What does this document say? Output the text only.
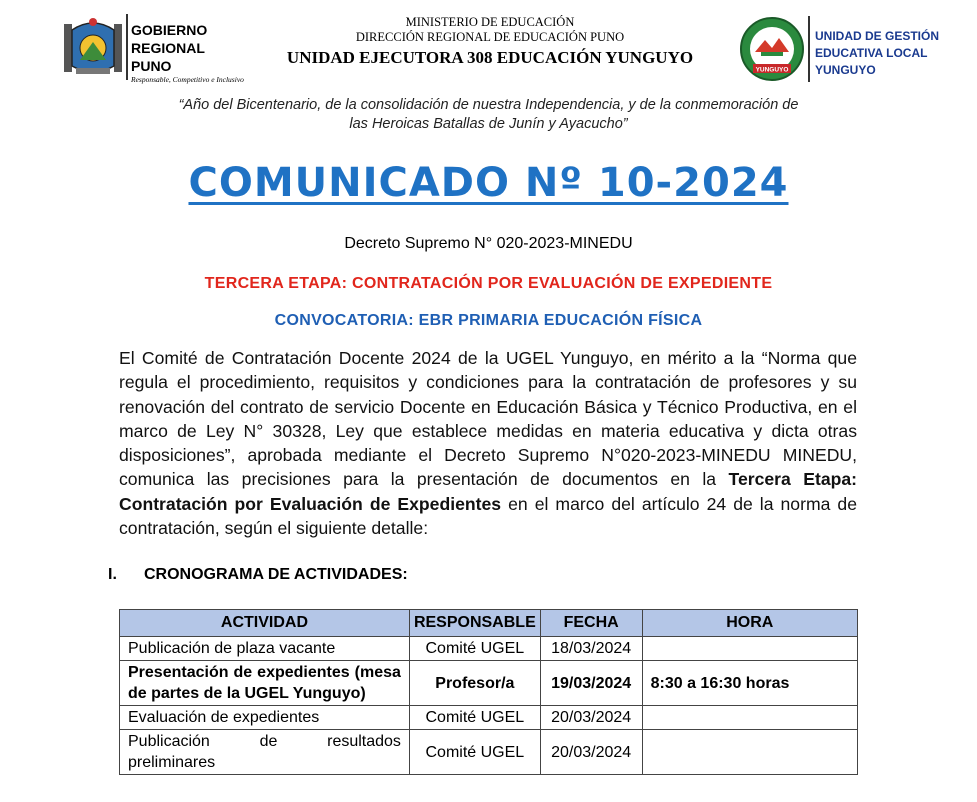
GOBIERNO
REGIONAL
PUNO
Responsable, Competitivo e Inclusivo
MINISTERIO DE EDUCACIÓN
DIRECCIÓN REGIONAL DE EDUCACIÓN PUNO
UNIDAD EJECUTORA 308 EDUCACIÓN YUNGUYO
YUNGUYO
UNIDAD DE GESTIÓN
EDUCATIVA LOCAL
YUNGUYO
“Año del Bicentenario, de la consolidación de nuestra Independencia, y de la conmemoración de
las Heroicas Batallas de Junín y Ayacucho”
COMUNICADO Nº 10-2024
Decreto Supremo N° 020-2023-MINEDU
TERCERA ETAPA: CONTRATACIÓN POR EVALUACIÓN DE EXPEDIENTE
CONVOCATORIA: EBR PRIMARIA EDUCACIÓN FÍSICA
El Comité de Contratación Docente 2024 de la UGEL Yunguyo, en mérito a la “Norma que regula el procedimiento, requisitos y condiciones para la contratación de profesores y su renovación del contrato de servicio Docente en Educación Básica y Técnico Productiva, en el marco de Ley N° 30328, Ley que establece medidas en materia educativa y dicta otras disposiciones”, aprobada mediante el Decreto Supremo N°020-2023-MINEDU MINEDU, comunica las precisiones para la presentación de documentos en la Tercera Etapa: Contratación por Evaluación de Expedientes en el marco del artículo 24 de la norma de contratación, según el siguiente detalle:
I. CRONOGRAMA DE ACTIVIDADES:
ACTIVIDAD	RESPONSABLE	FECHA	HORA
Publicación de plaza vacante	Comité UGEL	18/03/2024	
Presentación de expedientes (mesa de partes de la UGEL Yunguyo)	Profesor/a	19/03/2024	8:30 a 16:30 horas
Evaluación de expedientes	Comité UGEL	20/03/2024	
Publicación de resultados preliminares	Comité UGEL	20/03/2024	
